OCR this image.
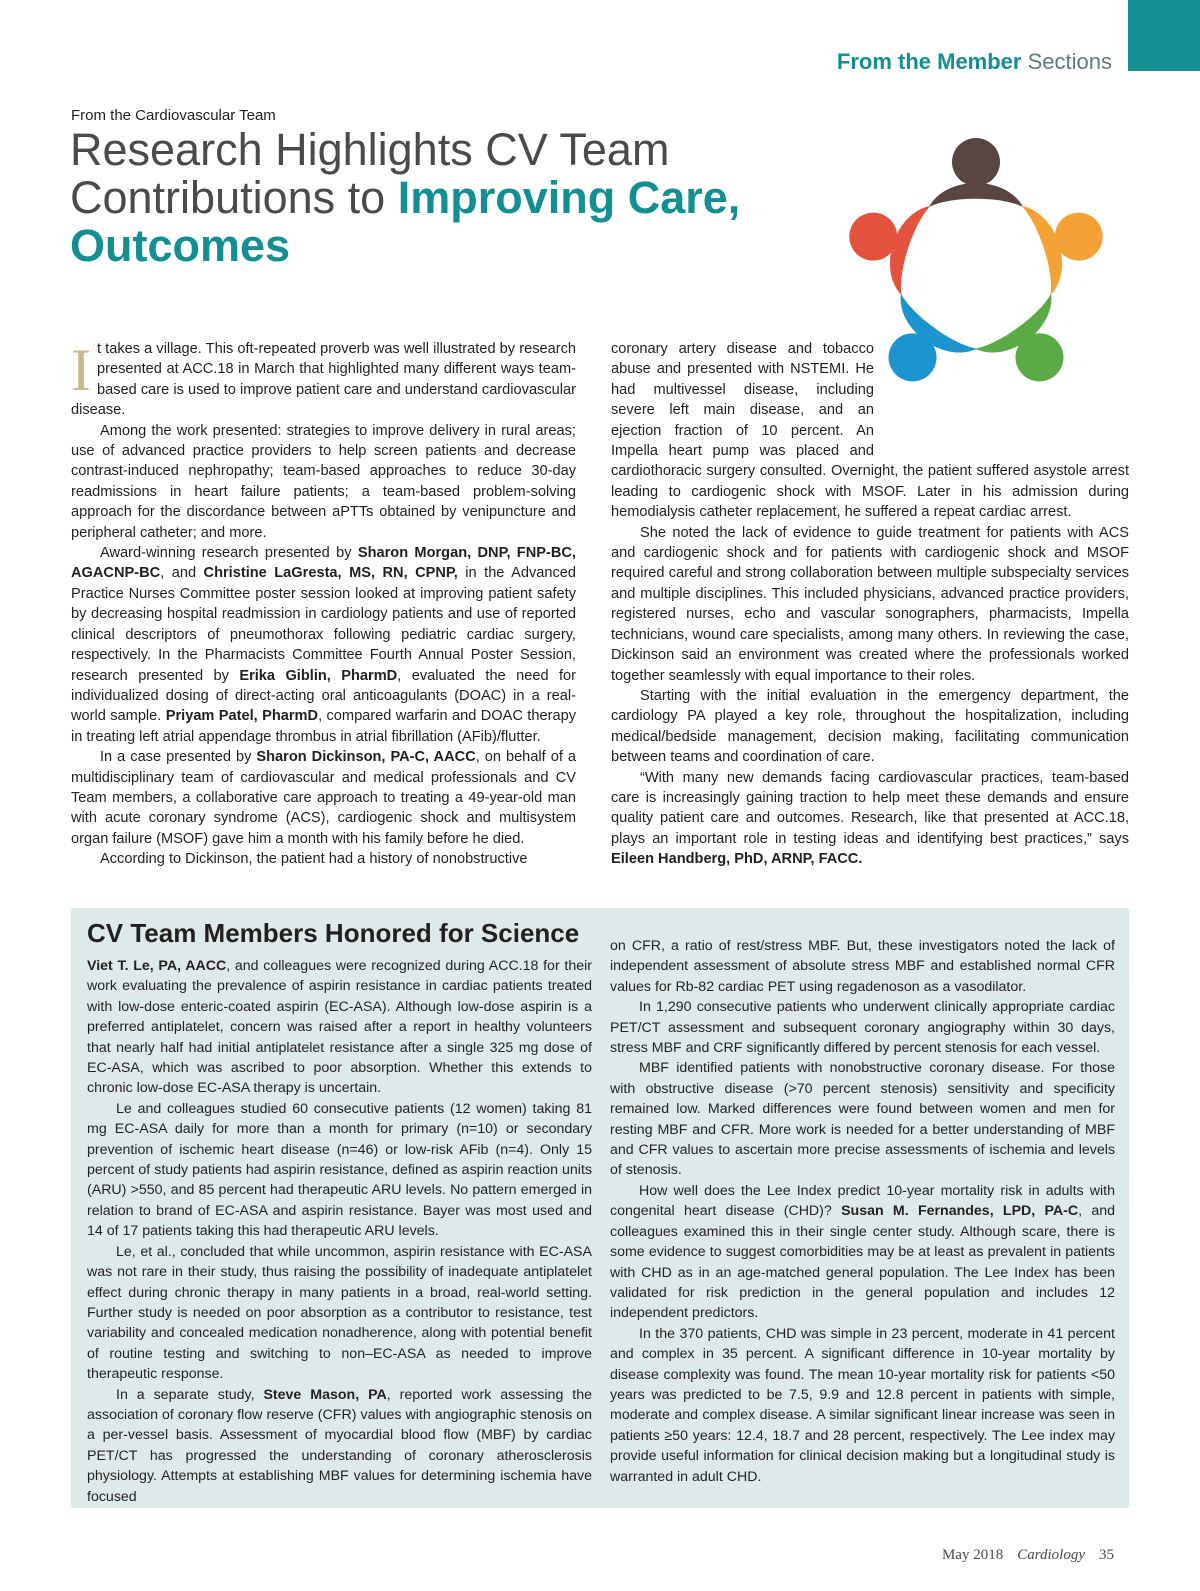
From the Member Sections
From the Cardiovascular Team
Research Highlights CV Team Contributions to Improving Care, Outcomes

It takes a village. This oft-repeated proverb was well illustrated by research presented at ACC.18 in March that highlighted many different ways team-based care is used to improve patient care and understand cardiovascular disease.

Among the work presented: strategies to improve delivery in rural areas; use of advanced practice providers to help screen patients and decrease contrast-induced nephropathy; team-based approaches to reduce 30-day readmissions in heart failure patients; a team-based problem-solving approach for the discordance between aPTTs obtained by venipuncture and peripheral catheter; and more.

Award-winning research presented by Sharon Morgan, DNP, FNP-BC, AGACNP-BC, and Christine LaGresta, MS, RN, CPNP, in the Advanced Practice Nurses Committee poster session looked at improving patient safety by decreasing hospital readmission in cardiology patients and use of reported clinical descriptors of pneumothorax following pediatric cardiac surgery, respectively. In the Pharmacists Committee Fourth Annual Poster Session, research presented by Erika Giblin, PharmD, evaluated the need for individualized dosing of direct-acting oral anticoagulants (DOAC) in a real-world sample. Priyam Patel, PharmD, compared warfarin and DOAC therapy in treating left atrial appendage thrombus in atrial fibrillation (AFib)/flutter.

In a case presented by Sharon Dickinson, PA-C, AACC, on behalf of a multidisciplinary team of cardiovascular and medical professionals and CV Team members, a collaborative care approach to treating a 49-year-old man with acute coronary syndrome (ACS), cardiogenic shock and multisystem organ failure (MSOF) gave him a month with his family before he died.

According to Dickinson, the patient had a history of nonobstructive

coronary artery disease and tobacco abuse and presented with NSTEMI. He had multivessel disease, including severe left main disease, and an ejection fraction of 10 percent. An Impella heart pump was placed and cardiothoracic surgery consulted. Overnight, the patient suffered asystole arrest leading to cardiogenic shock with MSOF. Later in his admission during hemodialysis catheter replacement, he suffered a repeat cardiac arrest.

She noted the lack of evidence to guide treatment for patients with ACS and cardiogenic shock and for patients with cardiogenic shock and MSOF required careful and strong collaboration between multiple subspecialty services and multiple disciplines. This included physicians, advanced practice providers, registered nurses, echo and vascular sonographers, pharmacists, Impella technicians, wound care specialists, among many others. In reviewing the case, Dickinson said an environment was created where the professionals worked together seamlessly with equal importance to their roles.

Starting with the initial evaluation in the emergency department, the cardiology PA played a key role, throughout the hospitalization, including medical/bedside management, decision making, facilitating communication between teams and coordination of care.

“With many new demands facing cardiovascular practices, team-based care is increasingly gaining traction to help meet these demands and ensure quality patient care and outcomes. Research, like that presented at ACC.18, plays an important role in testing ideas and identifying best practices,” says Eileen Handberg, PhD, ARNP, FACC.

CV Team Members Honored for Science

Viet T. Le, PA, AACC, and colleagues were recognized during ACC.18 for their work evaluating the prevalence of aspirin resistance in cardiac patients treated with low-dose enteric-coated aspirin (EC-ASA). Although low-dose aspirin is a preferred antiplatelet, concern was raised after a report in healthy volunteers that nearly half had initial antiplatelet resistance after a single 325 mg dose of EC-ASA, which was ascribed to poor absorption. Whether this extends to chronic low-dose EC-ASA therapy is uncertain.

Le and colleagues studied 60 consecutive patients (12 women) taking 81 mg EC-ASA daily for more than a month for primary (n=10) or secondary prevention of ischemic heart disease (n=46) or low-risk AFib (n=4). Only 15 percent of study patients had aspirin resistance, defined as aspirin reaction units (ARU) >550, and 85 percent had therapeutic ARU levels. No pattern emerged in relation to brand of EC-ASA and aspirin resistance. Bayer was most used and 14 of 17 patients taking this had therapeutic ARU levels.

Le, et al., concluded that while uncommon, aspirin resistance with EC-ASA was not rare in their study, thus raising the possibility of inadequate antiplatelet effect during chronic therapy in many patients in a broad, real-world setting. Further study is needed on poor absorption as a contributor to resistance, test variability and concealed medication nonadherence, along with potential benefit of routine testing and switching to non–EC-ASA as needed to improve therapeutic response.

In a separate study, Steve Mason, PA, reported work assessing the association of coronary flow reserve (CFR) values with angiographic stenosis on a per-vessel basis. Assessment of myocardial blood flow (MBF) by cardiac PET/CT has progressed the understanding of coronary atherosclerosis physiology. Attempts at establishing MBF values for determining ischemia have focused

on CFR, a ratio of rest/stress MBF. But, these investigators noted the lack of independent assessment of absolute stress MBF and established normal CFR values for Rb-82 cardiac PET using regadenoson as a vasodilator.

In 1,290 consecutive patients who underwent clinically appropriate cardiac PET/CT assessment and subsequent coronary angiography within 30 days, stress MBF and CRF significantly differed by percent stenosis for each vessel.

MBF identified patients with nonobstructive coronary disease. For those with obstructive disease (>70 percent stenosis) sensitivity and specificity remained low. Marked differences were found between women and men for resting MBF and CFR. More work is needed for a better understanding of MBF and CFR values to ascertain more precise assessments of ischemia and levels of stenosis.

How well does the Lee Index predict 10-year mortality risk in adults with congenital heart disease (CHD)? Susan M. Fernandes, LPD, PA-C, and colleagues examined this in their single center study. Although scare, there is some evidence to suggest comorbidities may be at least as prevalent in patients with CHD as in an age-matched general population. The Lee Index has been validated for risk prediction in the general population and includes 12 independent predictors.

In the 370 patients, CHD was simple in 23 percent, moderate in 41 percent and complex in 35 percent. A significant difference in 10-year mortality by disease complexity was found. The mean 10-year mortality risk for patients <50 years was predicted to be 7.5, 9.9 and 12.8 percent in patients with simple, moderate and complex disease. A similar significant linear increase was seen in patients ≥50 years: 12.4, 18.7 and 28 percent, respectively. The Lee index may provide useful information for clinical decision making but a longitudinal study is warranted in adult CHD.

May 2018 Cardiology 35
